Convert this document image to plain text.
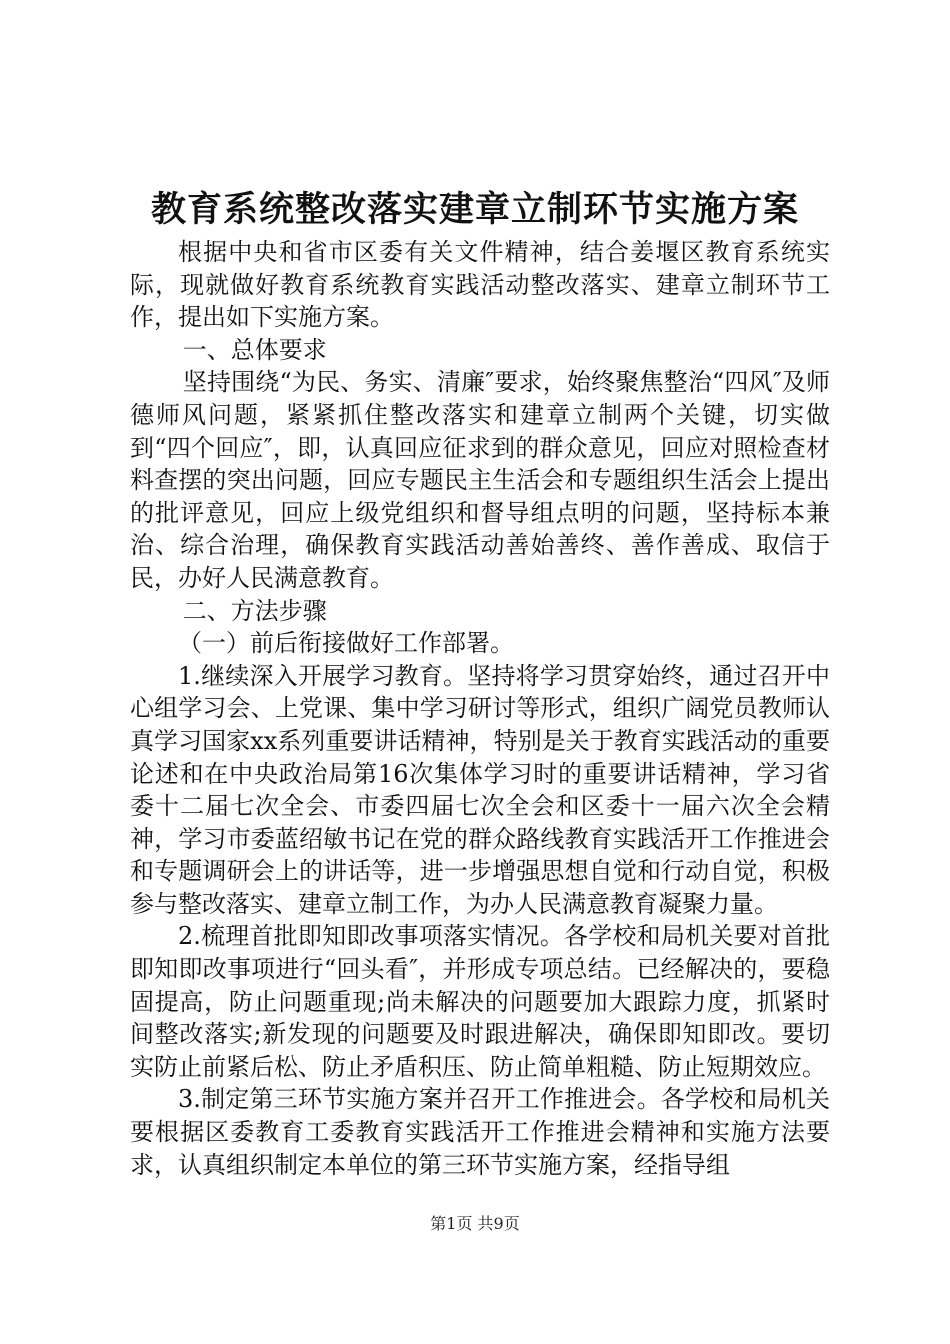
教育系统整改落实建章立制环节实施方案

根据中央和省市区委有关文件精神，结合姜堰区教育系统实际，现就做好教育系统教育实践活动整改落实、建章立制环节工作，提出如下实施方案。

一、总体要求

坚持围绕“为民、务实、清廉″要求，始终聚焦整治“四风″及师德师风问题，紧紧抓住整改落实和建章立制两个关键，切实做到“四个回应″，即，认真回应征求到的群众意见，回应对照检查材料查摆的突出问题，回应专题民主生活会和专题组织生活会上提出的批评意见，回应上级党组织和督导组点明的问题，坚持标本兼治、综合治理，确保教育实践活动善始善终、善作善成、取信于民，办好人民满意教育。

二、方法步骤

（一）前后衔接做好工作部署。

1.继续深入开展学习教育。坚持将学习贯穿始终，通过召开中心组学习会、上党课、集中学习研讨等形式，组织广阔党员教师认真学习国家xx系列重要讲话精神，特别是关于教育实践活动的重要论述和在中央政治局第16次集体学习时的重要讲话精神，学习省委十二届七次全会、市委四届七次全会和区委十一届六次全会精神，学习市委蓝绍敏书记在党的群众路线教育实践活开工作推进会和专题调研会上的讲话等，进一步增强思想自觉和行动自觉，积极参与整改落实、建章立制工作，为办人民满意教育凝聚力量。

2.梳理首批即知即改事项落实情况。各学校和局机关要对首批即知即改事项进行“回头看″，并形成专项总结。已经解决的，要稳固提高，防止问题重现;尚未解决的问题要加大跟踪力度，抓紧时间整改落实;新发现的问题要及时跟进解决，确保即知即改。要切实防止前紧后松、防止矛盾积压、防止简单粗糙、防止短期效应。

3.制定第三环节实施方案并召开工作推进会。各学校和局机关要根据区委教育工委教育实践活开工作推进会精神和实施方法要求，认真组织制定本单位的第三环节实施方案，经指导组

第1页 共9页
